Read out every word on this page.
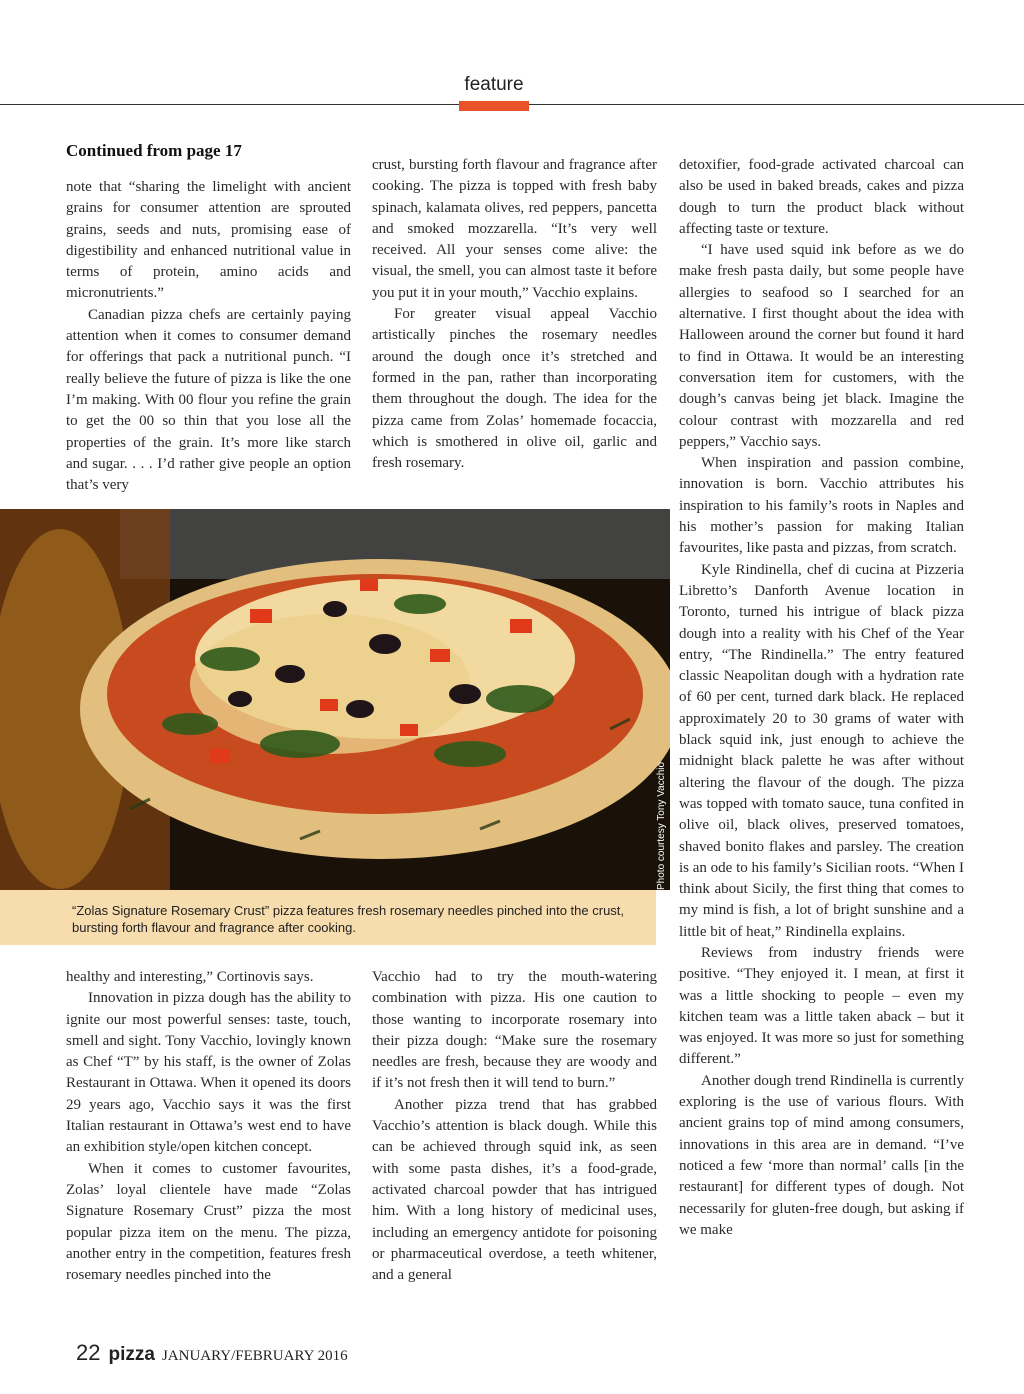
feature
Continued from page 17

note that “sharing the limelight with ancient grains for consumer attention are sprouted grains, seeds and nuts, promising ease of digestibility and enhanced nutritional value in terms of protein, amino acids and micronutrients.”

Canadian pizza chefs are certainly paying attention when it comes to consumer demand for offerings that pack a nutritional punch. “I really believe the future of pizza is like the one I’m making. With 00 flour you refine the grain to get the 00 so thin that you lose all the properties of the grain. It’s more like starch and sugar. . . . I’d rather give people an option that’s very

crust, bursting forth flavour and fragrance after cooking. The pizza is topped with fresh baby spinach, kalamata olives, red peppers, pancetta and smoked mozzarella. “It’s very well received. All your senses come alive: the visual, the smell, you can almost taste it before you put it in your mouth,” Vacchio explains.

For greater visual appeal Vacchio artistically pinches the rosemary needles around the dough once it’s stretched and formed in the pan, rather than incorporating them throughout the dough. The idea for the pizza came from Zolas’ homemade focaccia, which is smothered in olive oil, garlic and fresh rosemary.

detoxifier, food-grade activated charcoal can also be used in baked breads, cakes and pizza dough to turn the product black without affecting taste or texture.

“I have used squid ink before as we do make fresh pasta daily, but some people have allergies to seafood so I searched for an alternative. I first thought about the idea with Halloween around the corner but found it hard to find in Ottawa. It would be an interesting conversation item for customers, with the dough’s canvas being jet black. Imagine the colour contrast with mozzarella and red peppers,” Vacchio says.

When inspiration and passion combine, innovation is born. Vacchio attributes his inspiration to his family’s roots in Naples and his mother’s passion for making Italian favourites, like pasta and pizzas, from scratch.

Kyle Rindinella, chef di cucina at Pizzeria Libretto’s Danforth Avenue location in Toronto, turned his intrigue of black pizza dough into a reality with his Chef of the Year entry, “The Rindinella.” The entry featured classic Neapolitan dough with a hydration rate of 60 per cent, turned dark black. He replaced approximately 20 to 30 grams of water with black squid ink, just enough to achieve the midnight black palette he was after without altering the flavour of the dough. The pizza was topped with tomato sauce, tuna confited in olive oil, black olives, preserved tomatoes, shaved bonito flakes and parsley. The creation is an ode to his family’s Sicilian roots. “When I think about Sicily, the first thing that comes to my mind is fish, a lot of bright sunshine and a little bit of heat,” Rindinella explains.

Reviews from industry friends were positive. “They enjoyed it. I mean, at first it was a little shocking to people – even my kitchen team was a little taken aback – but it was enjoyed. It was more so just for something different.”

Another dough trend Rindinella is currently exploring is the use of various flours. With ancient grains top of mind among consumers, innovations in this area are in demand. “I’ve noticed a few ‘more than normal’ calls [in the restaurant] for different types of dough. Not necessarily for gluten-free dough, but asking if we make

Photo courtesy Tony Vacchio
“Zolas Signature Rosemary Crust” pizza features fresh rosemary needles pinched into the crust, bursting forth flavour and fragrance after cooking.

healthy and interesting,” Cortinovis says.

Innovation in pizza dough has the ability to ignite our most powerful senses: taste, touch, smell and sight. Tony Vacchio, lovingly known as Chef “T” by his staff, is the owner of Zolas Restaurant in Ottawa. When it opened its doors 29 years ago, Vacchio says it was the first Italian restaurant in Ottawa’s west end to have an exhibition style/open kitchen concept.

When it comes to customer favourites, Zolas’ loyal clientele have made “Zolas Signature Rosemary Crust” pizza the most popular pizza item on the menu. The pizza, another entry in the competition, features fresh rosemary needles pinched into the

Vacchio had to try the mouth-watering combination with pizza. His one caution to those wanting to incorporate rosemary into their pizza dough: “Make sure the rosemary needles are fresh, because they are woody and if it’s not fresh then it will tend to burn.”

Another pizza trend that has grabbed Vacchio’s attention is black dough. While this can be achieved through squid ink, as seen with some pasta dishes, it’s a food-grade, activated charcoal powder that has intrigued him. With a long history of medicinal uses, including an emergency antidote for poisoning or pharmaceutical overdose, a teeth whitener, and a general

22 pizza JANUARY/FEBRUARY 2016
